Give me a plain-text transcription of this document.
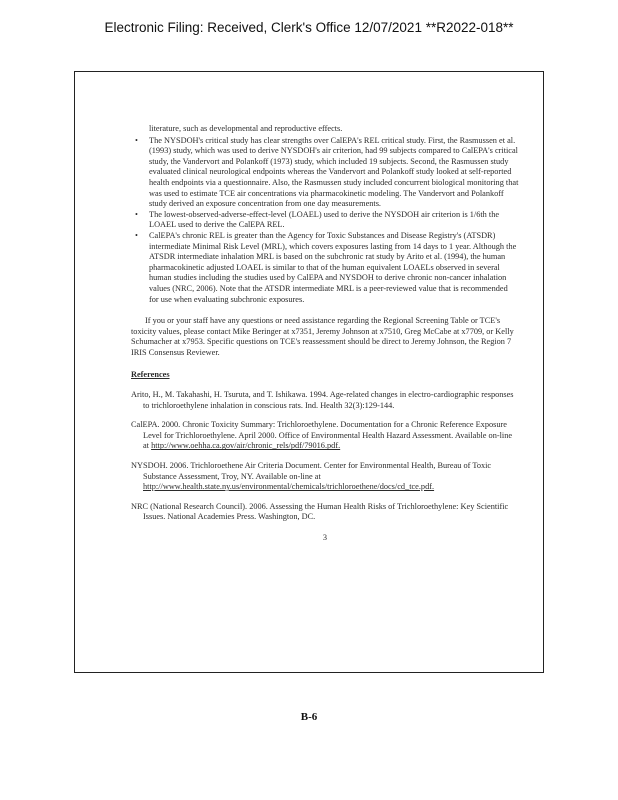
Electronic Filing: Received, Clerk's Office 12/07/2021 **R2022-018**

literature, such as developmental and reproductive effects.

• The NYSDOH's critical study has clear strengths over CalEPA's REL critical study. First, the Rasmussen et al. (1993) study, which was used to derive NYSDOH's air criterion, had 99 subjects compared to CalEPA's critical study, the Vandervort and Polankoff (1973) study, which included 19 subjects. Second, the Rasmussen study evaluated clinical neurological endpoints whereas the Vandervort and Polankoff study looked at self-reported health endpoints via a questionnaire. Also, the Rasmussen study included concurrent biological monitoring that was used to estimate TCE air concentrations via pharmacokinetic modeling. The Vandervort and Polankoff study derived an exposure concentration from one day measurements.
• The lowest-observed-adverse-effect-level (LOAEL) used to derive the NYSDOH air criterion is 1/6th the LOAEL used to derive the CalEPA REL.
• CalEPA's chronic REL is greater than the Agency for Toxic Substances and Disease Registry's (ATSDR) intermediate Minimal Risk Level (MRL), which covers exposures lasting from 14 days to 1 year. Although the ATSDR intermediate inhalation MRL is based on the subchronic rat study by Arito et al. (1994), the human pharmacokinetic adjusted LOAEL is similar to that of the human equivalent LOAELs observed in several human studies including the studies used by CalEPA and NYSDOH to derive chronic non-cancer inhalation values (NRC, 2006). Note that the ATSDR intermediate MRL is a peer-reviewed value that is recommended for use when evaluating subchronic exposures.

If you or your staff have any questions or need assistance regarding the Regional Screening Table or TCE's toxicity values, please contact Mike Beringer at x7351, Jeremy Johnson at x7510, Greg McCabe at x7709, or Kelly Schumacher at x7953. Specific questions on TCE's reassessment should be direct to Jeremy Johnson, the Region 7 IRIS Consensus Reviewer.

References

Arito, H., M. Takahashi, H. Tsuruta, and T. Ishikawa. 1994. Age-related changes in electro-cardiographic responses to trichloroethylene inhalation in conscious rats. Ind. Health 32(3):129-144.

CalEPA. 2000. Chronic Toxicity Summary: Trichloroethylene. Documentation for a Chronic Reference Exposure Level for Trichloroethylene. April 2000. Office of Environmental Health Hazard Assessment. Available on-line at http://www.oehha.ca.gov/air/chronic_rels/pdf/79016.pdf.

NYSDOH. 2006. Trichloroethene Air Criteria Document. Center for Environmental Health, Bureau of Toxic Substance Assessment, Troy, NY. Available on-line at http://www.health.state.ny.us/environmental/chemicals/trichloroethene/docs/cd_tce.pdf.

NRC (National Research Council). 2006. Assessing the Human Health Risks of Trichloroethylene: Key Scientific Issues. National Academies Press. Washington, DC.

3
B-6
